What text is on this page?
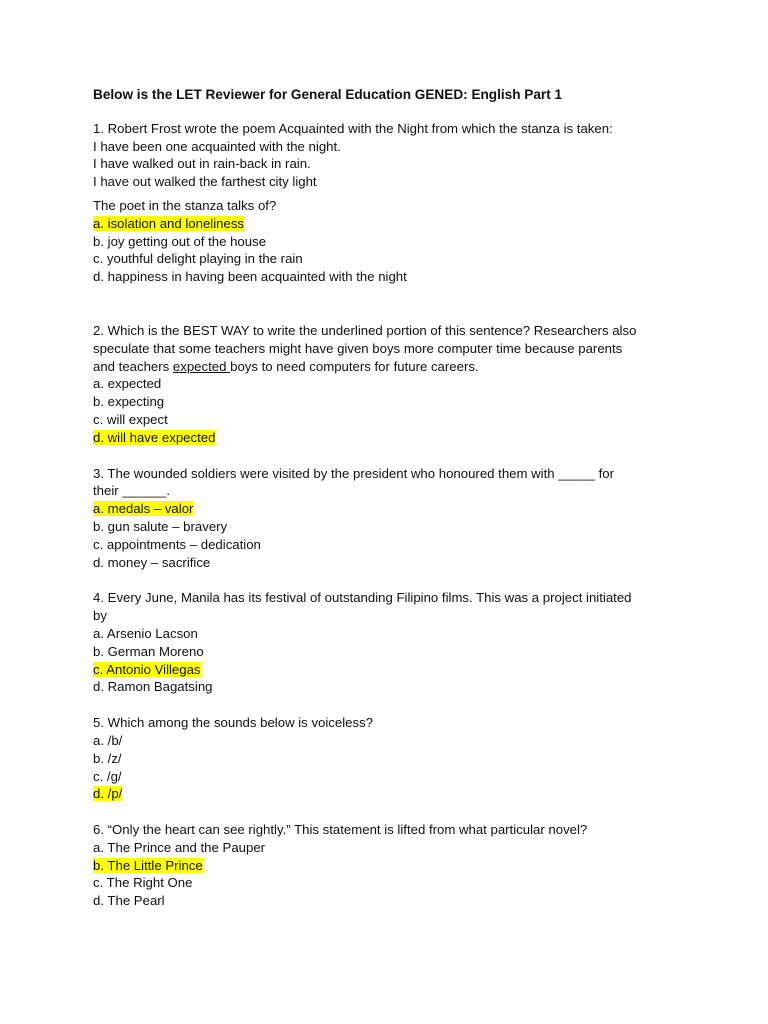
Below is the LET Reviewer for General Education GENED: English Part 1
1. Robert Frost wrote the poem Acquainted with the Night from which the stanza is taken:
I have been one acquainted with the night.
I have walked out in rain-back in rain.
I have out walked the farthest city light
The poet in the stanza talks of?
a. isolation and loneliness
b. joy getting out of the house
c. youthful delight playing in the rain
d. happiness in having been acquainted with the night
2. Which is the BEST WAY to write the underlined portion of this sentence? Researchers also
speculate that some teachers might have given boys more computer time because parents
and teachers expected boys to need computers for future careers.
a. expected
b. expecting
c. will expect
d. will have expected
3. The wounded soldiers were visited by the president who honoured them with _____ for
their ______.
a. medals – valor
b. gun salute – bravery
c. appointments – dedication
d. money – sacrifice
4. Every June, Manila has its festival of outstanding Filipino films. This was a project initiated
by
a. Arsenio Lacson
b. German Moreno
c. Antonio Villegas
d. Ramon Bagatsing
5. Which among the sounds below is voiceless?
a. /b/
b. /z/
c. /g/
d. /p/
6. “Only the heart can see rightly.” This statement is lifted from what particular novel?
a. The Prince and the Pauper
b. The Little Prince
c. The Right One
d. The Pearl
